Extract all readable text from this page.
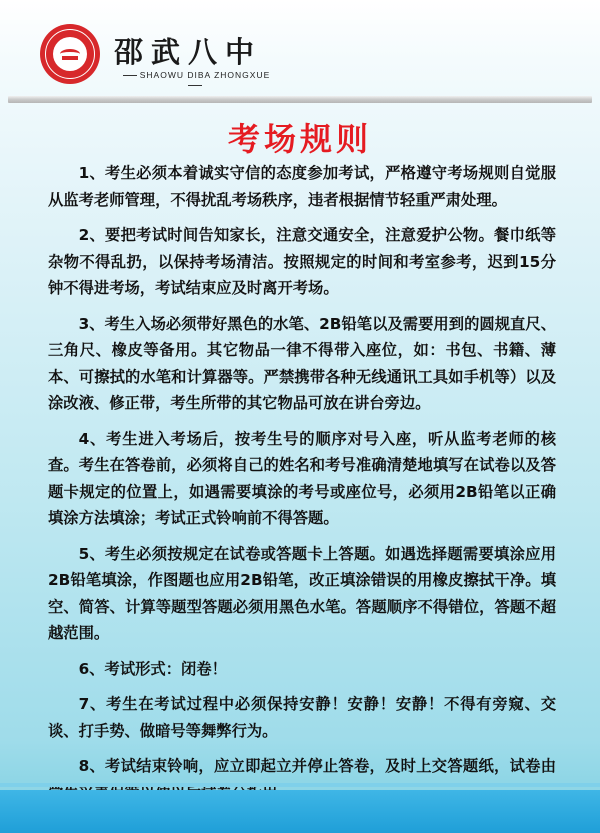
邵武八中
SHAOWU DIBA ZHONGXUE
考场规则

1、考生必须本着诚实守信的态度参加考试，严格遵守考场规则自觉服从监考老师管理，不得扰乱考场秩序，违者根据情节轻重严肃处理。

2、要把考试时间告知家长，注意交通安全，注意爱护公物。餐巾纸等杂物不得乱扔，以保持考场清洁。按照规定的时间和考室参考，迟到15分钟不得进考场，考试结束应及时离开考场。

3、考生入场必须带好黑色的水笔、2B铅笔以及需要用到的圆规直尺、三角尺、橡皮等备用。其它物品一律不得带入座位，如：书包、书籍、薄本、可擦拭的水笔和计算器等。严禁携带各种无线通讯工具如手机等）以及涂改液、修正带，考生所带的其它物品可放在讲台旁边。

4、考生进入考场后，按考生号的顺序对号入座，听从监考老师的核查。考生在答卷前，必须将自己的姓名和考号准确清楚地填写在试卷以及答题卡规定的位置上，如遇需要填涂的考号或座位号，必须用2B铅笔以正确填涂方法填涂；考试正式铃响前不得答题。

5、考生必须按规定在试卷或答题卡上答题。如遇选择题需要填涂应用2B铅笔填涂，作图题也应用2B铅笔，改正填涂错误的用橡皮擦拭干净。填空、简答、计算等题型答题必须用黑色水笔。答题顺序不得错位，答题不超越范围。

6、考试形式：闭卷！

7、考生在考试过程中必须保持安静！安静！安静！不得有旁窥、交谈、打手势、做暗号等舞弊行为。

8、考试结束铃响，应立即起立并停止答卷，及时上交答题纸，试卷由
